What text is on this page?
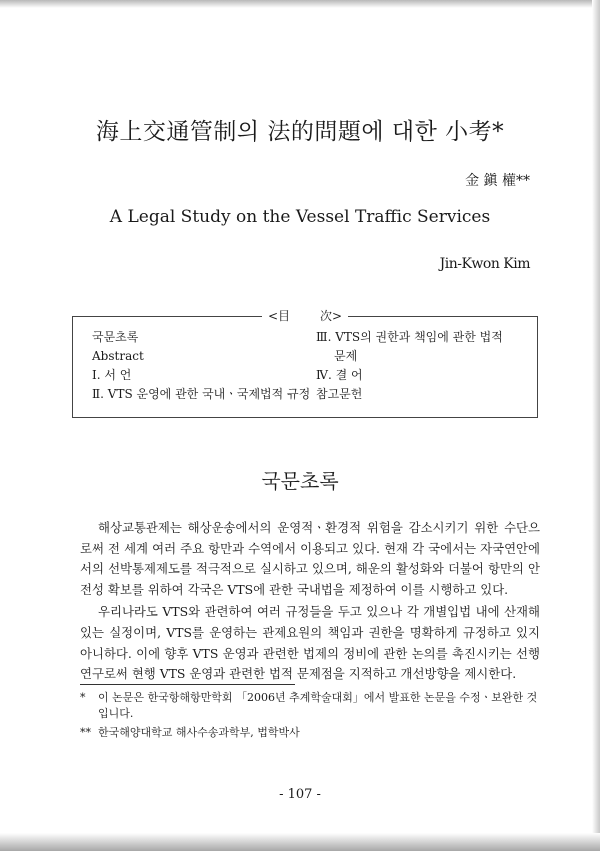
海上交通管制의 法的問題에 대한 小考*
金 鎭 權**
A Legal Study on the Vessel Traffic Services
Jin-Kwon Kim
<目 次>
국문초록
Abstract
Ⅰ. 서 언
Ⅱ. VTS 운영에 관한 국내ㆍ국제법적 규정
Ⅲ. VTS의 권한과 책임에 관한 법적
문제
Ⅳ. 결 어
참고문헌
국문초록

해상교통관제는 해상운송에서의 운영적ㆍ환경적 위험을 감소시키기 위한 수단으로써 전 세계 여러 주요 항만과 수역에서 이용되고 있다. 현재 각 국에서는 자국연안에서의 선박통제제도를 적극적으로 실시하고 있으며, 해운의 활성화와 더불어 항만의 안전성 확보를 위하여 각국은 VTS에 관한 국내법을 제정하여 이를 시행하고 있다.

우리나라도 VTS와 관련하여 여러 규정들을 두고 있으나 각 개별입법 내에 산재해 있는 실정이며, VTS를 운영하는 관제요원의 책임과 권한을 명확하게 규정하고 있지 아니하다. 이에 향후 VTS 운영과 관련한 법제의 정비에 관한 논의를 촉진시키는 선행연구로써 현행 VTS 운영과 관련한 법적 문제점을 지적하고 개선방향을 제시한다.

* 이 논문은 한국항해항만학회 「2006년 추계학술대회」에서 발표한 논문을 수정ㆍ보완한 것입니다.
** 한국해양대학교 해사수송과학부, 법학박사
- 107 -
